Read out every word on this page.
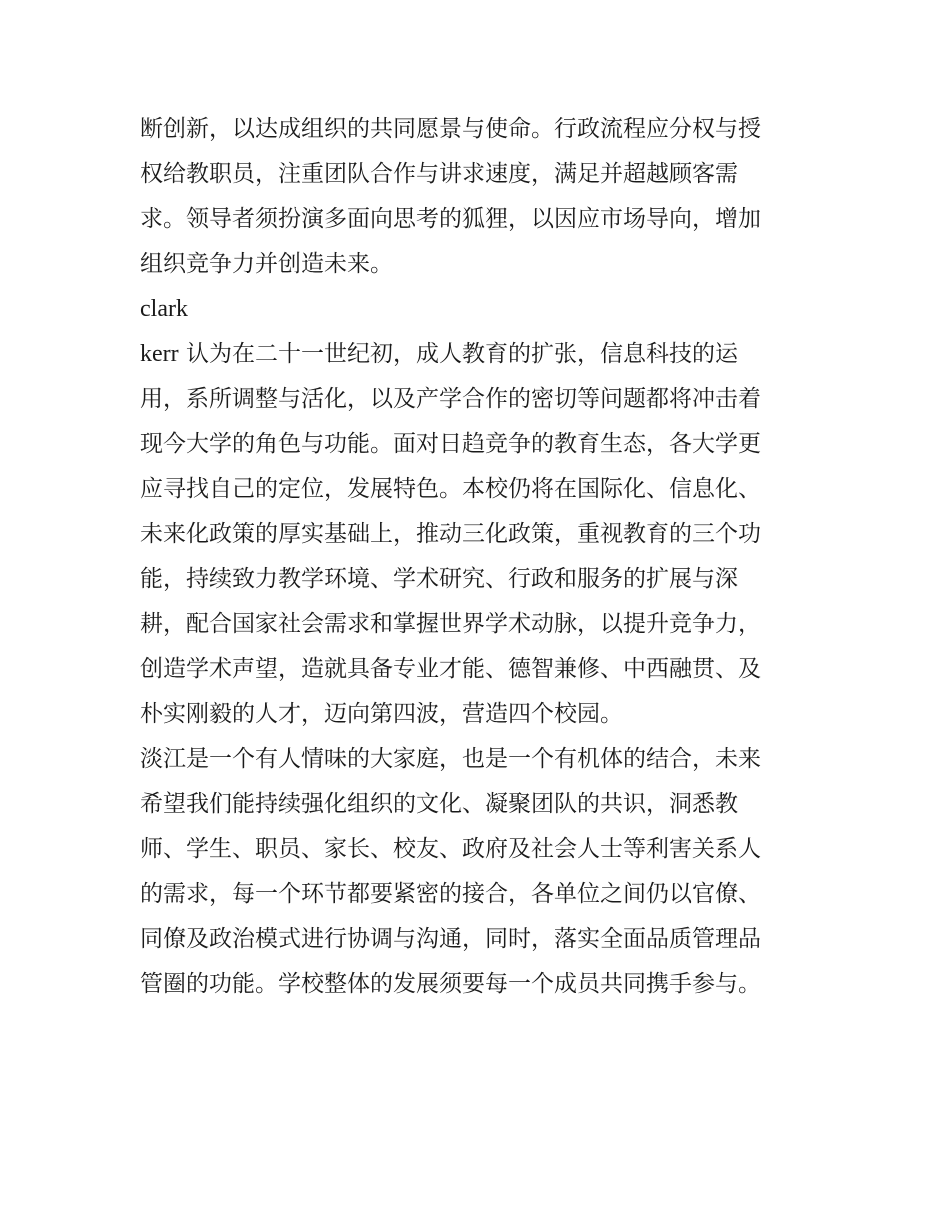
断创新，以达成组织的共同愿景与使命。行政流程应分权与授

权给教职员，注重团队合作与讲求速度，满足并超越顾客需

求。领导者须扮演多面向思考的狐狸，以因应市场导向，增加

组织竞争力并创造未来。

clark

kerr 认为在二十一世纪初，成人教育的扩张，信息科技的运

用，系所调整与活化，以及产学合作的密切等问题都将冲击着

现今大学的角色与功能。面对日趋竞争的教育生态，各大学更

应寻找自己的定位，发展特色。本校仍将在国际化、信息化、

未来化政策的厚实基础上，推动三化政策，重视教育的三个功

能，持续致力教学环境、学术研究、行政和服务的扩展与深

耕，配合国家社会需求和掌握世界学术动脉，以提升竞争力，

创造学术声望，造就具备专业才能、德智兼修、中西融贯、及

朴实刚毅的人才，迈向第四波，营造四个校园。

淡江是一个有人情味的大家庭，也是一个有机体的结合，未来

希望我们能持续强化组织的文化、凝聚团队的共识，洞悉教

师、学生、职员、家长、校友、政府及社会人士等利害关系人

的需求，每一个环节都要紧密的接合，各单位之间仍以官僚、

同僚及政治模式进行协调与沟通，同时，落实全面品质管理品

管圈的功能。学校整体的发展须要每一个成员共同携手参与。
